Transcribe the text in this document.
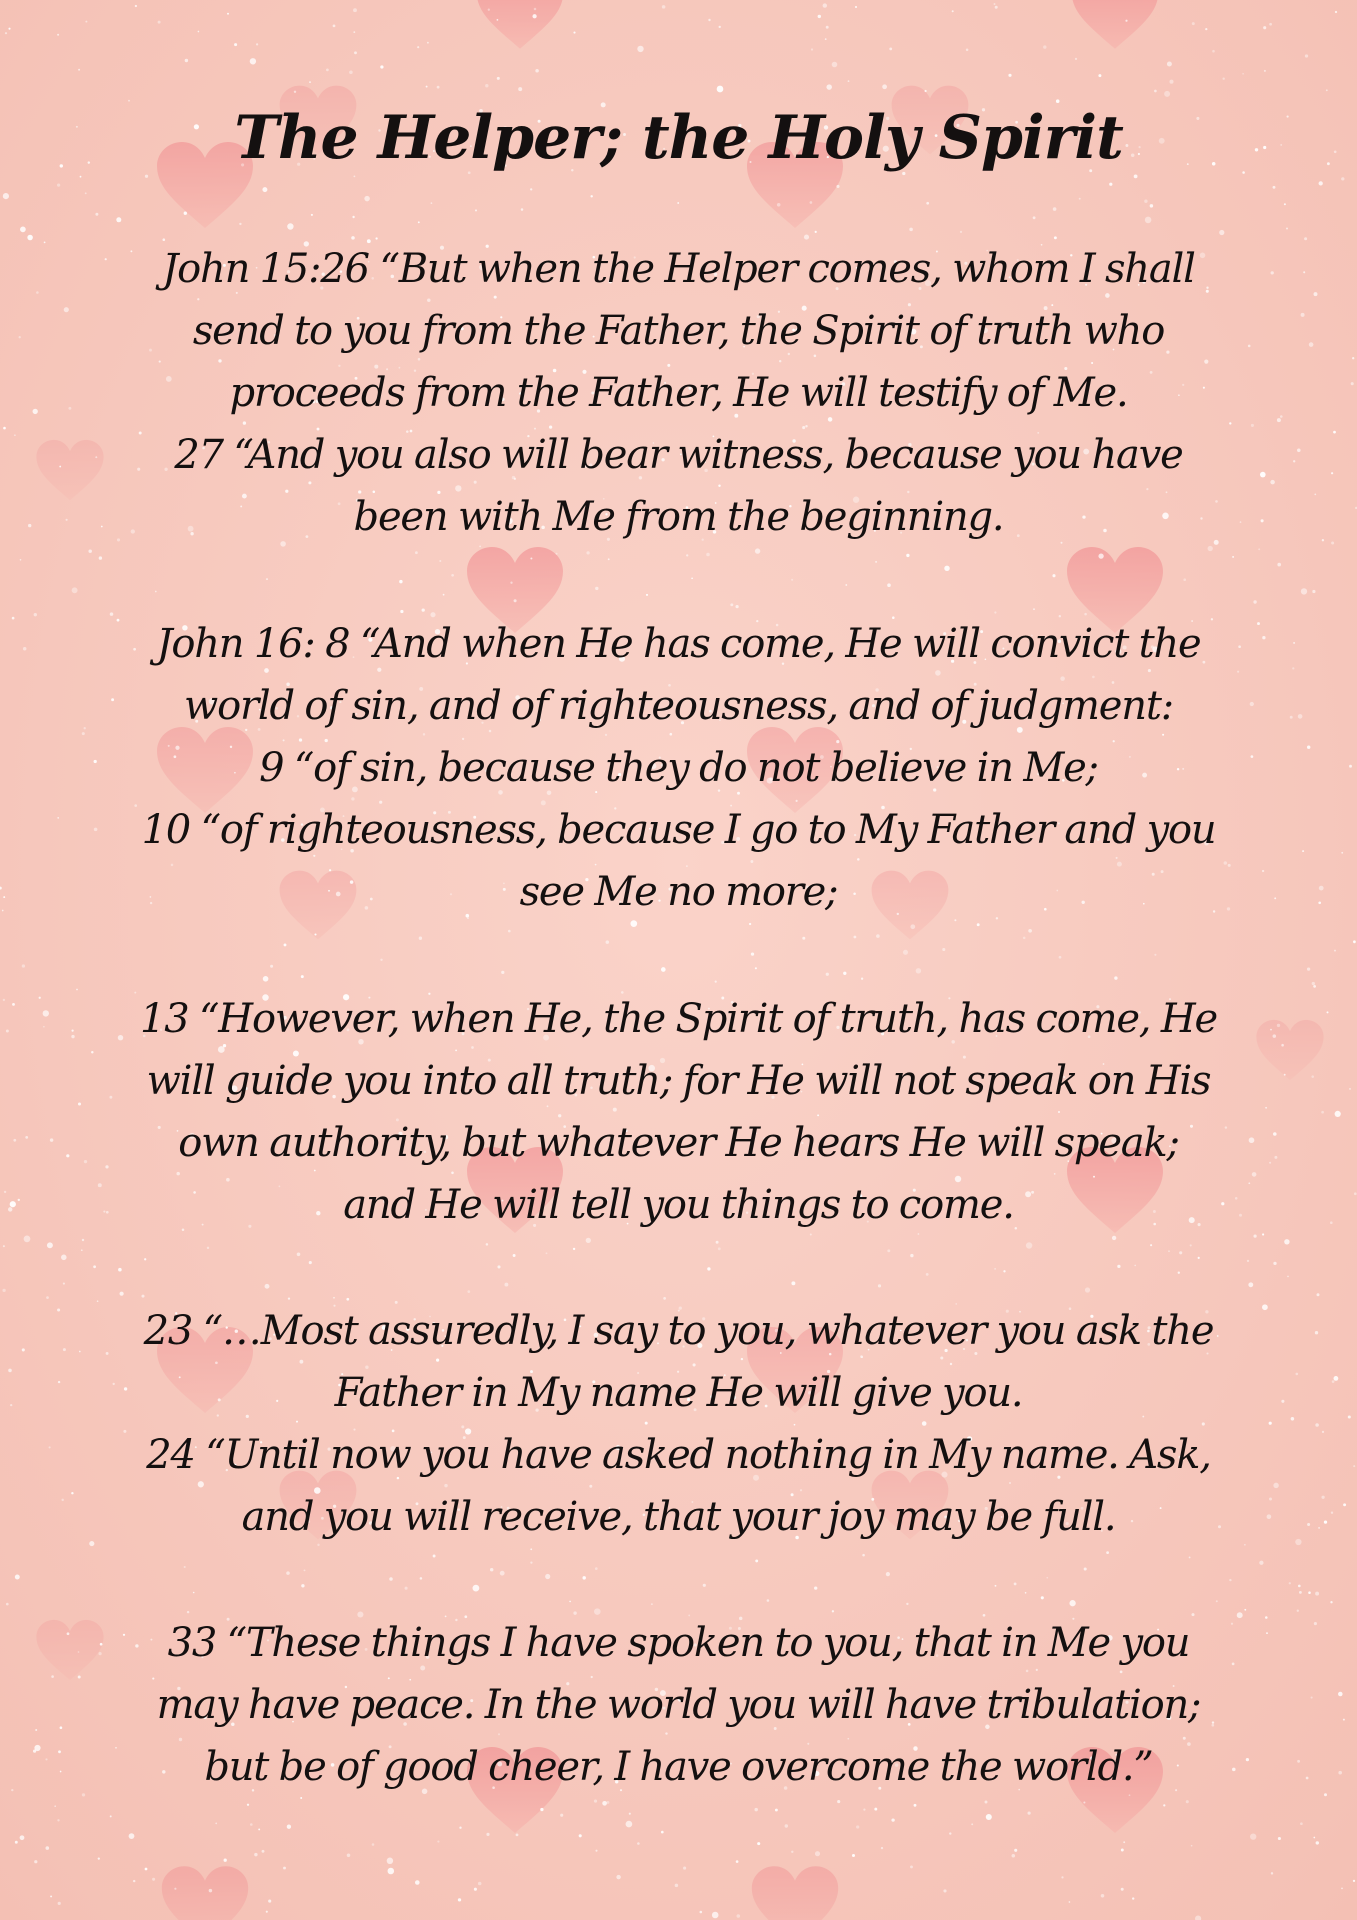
The Helper; the Holy Spirit
John 15:26 “But when the Helper comes, whom I shall
send to you from the Father, the Spirit of truth who
proceeds from the Father, He will testify of Me.
27 “And you also will bear witness, because you have
been with Me from the beginning.
John 16: 8 “And when He has come, He will convict the
world of sin, and of righteousness, and of judgment:
9 “of sin, because they do not believe in Me;
10 “of righteousness, because I go to My Father and you
see Me no more;
13 “However, when He, the Spirit of truth, has come, He
will guide you into all truth; for He will not speak on His
own authority, but whatever He hears He will speak;
and He will tell you things to come.
23 “…Most assuredly, I say to you, whatever you ask the
Father in My name He will give you.
24 “Until now you have asked nothing in My name. Ask,
and you will receive, that your joy may be full.
33 “These things I have spoken to you, that in Me you
may have peace. In the world you will have tribulation;
but be of good cheer, I have overcome the world.”
